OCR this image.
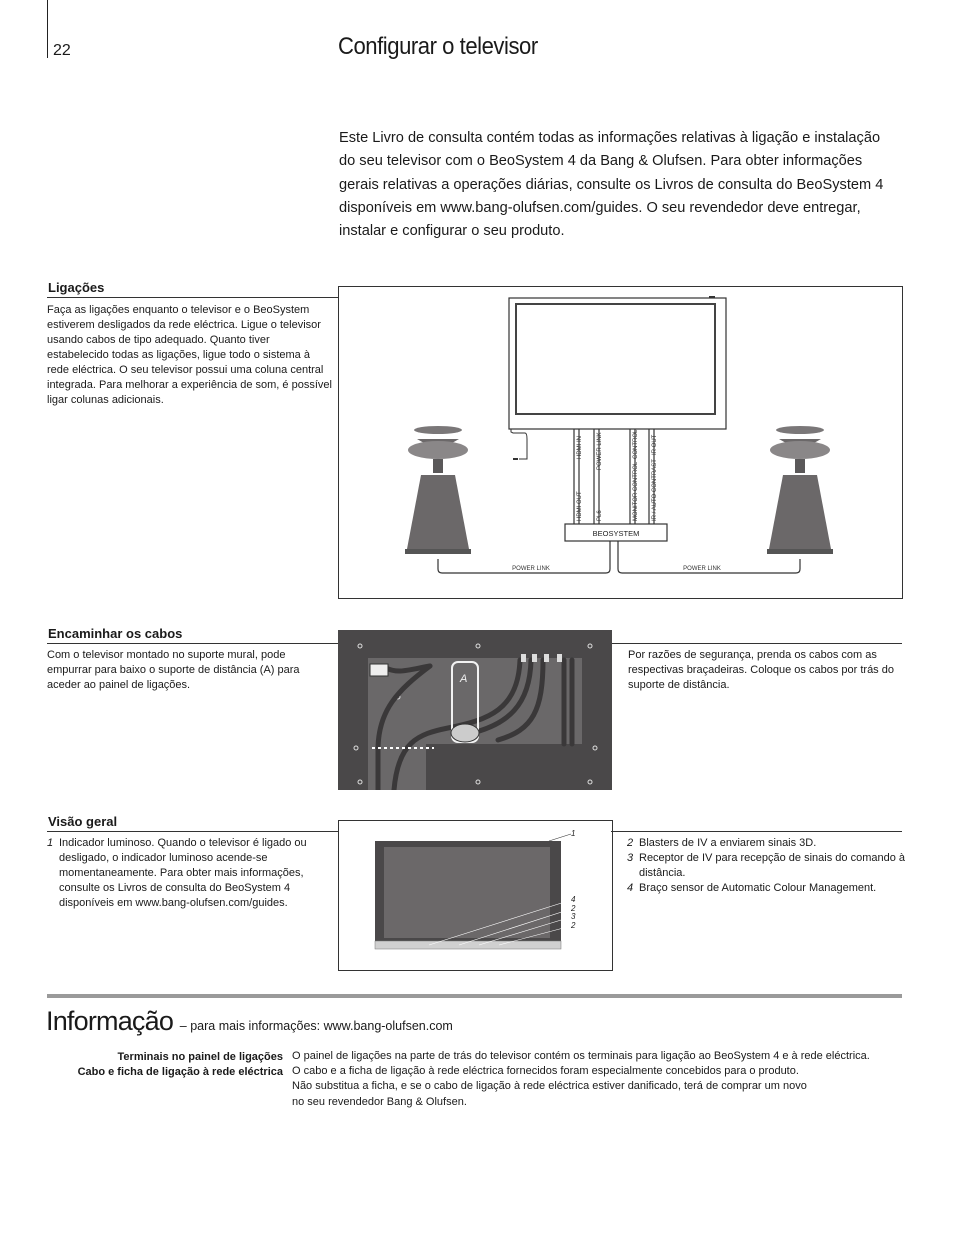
22	Configurar o televisor
Este Livro de consulta contém todas as informações relativas à ligação e instalação do seu televisor com o BeoSystem 4 da Bang & Olufsen. Para obter informações gerais relativas a operações diárias, consulte os Livros de consulta do BeoSystem 4 disponíveis em www.bang-olufsen.com/guides. O seu revendedor deve entregar, instalar e configurar o seu produto.
Ligações
Faça as ligações enquanto o televisor e o BeoSystem estiverem desligados da rede eléctrica. Ligue o televisor usando cabos de tipo adequado. Quanto tiver estabelecido todas as ligações, ligue todo o sistema à rede eléctrica. O seu televisor possui uma coluna central integrada. Para melhorar a experiência de som, é possível ligar colunas adicionais.
HDMI IN POWER LINK	CONTROL IR OUT
HDMI OUT PL6	MONITOR CONTROL IR / AUTO CONTRAST
BEOSYSTEM
POWER LINK	POWER LINK
Encaminhar os cabos
Com o televisor montado no suporte mural, pode empurrar para baixo o suporte de distância (A) para aceder ao painel de ligações.	A
Por razões de segurança, prenda os cabos com as respectivas braçadeiras. Coloque os cabos por trás do suporte de distância.
Visão geral
1 Indicador luminoso. Quando o televisor é ligado ou desligado, o indicador luminoso acende-se momentaneamente. Para obter mais informações, consulte os Livros de consulta do BeoSystem 4 disponíveis em www.bang-olufsen.com/guides.
1
4
2
3
2
2 Blasters de IV a enviarem sinais 3D.
3 Receptor de IV para recepção de sinais do comando à distância.
4 Braço sensor de Automatic Colour Management.
Informação – para mais informações: www.bang-olufsen.com
Terminais no painel de ligações
Cabo e ficha de ligação à rede eléctrica
O painel de ligações na parte de trás do televisor contém os terminais para ligação ao BeoSystem 4 e à rede eléctrica.
O cabo e a ficha de ligação à rede eléctrica fornecidos foram especialmente concebidos para o produto.
Não substitua a ficha, e se o cabo de ligação à rede eléctrica estiver danificado, terá de comprar um novo
no seu revendedor Bang & Olufsen.
